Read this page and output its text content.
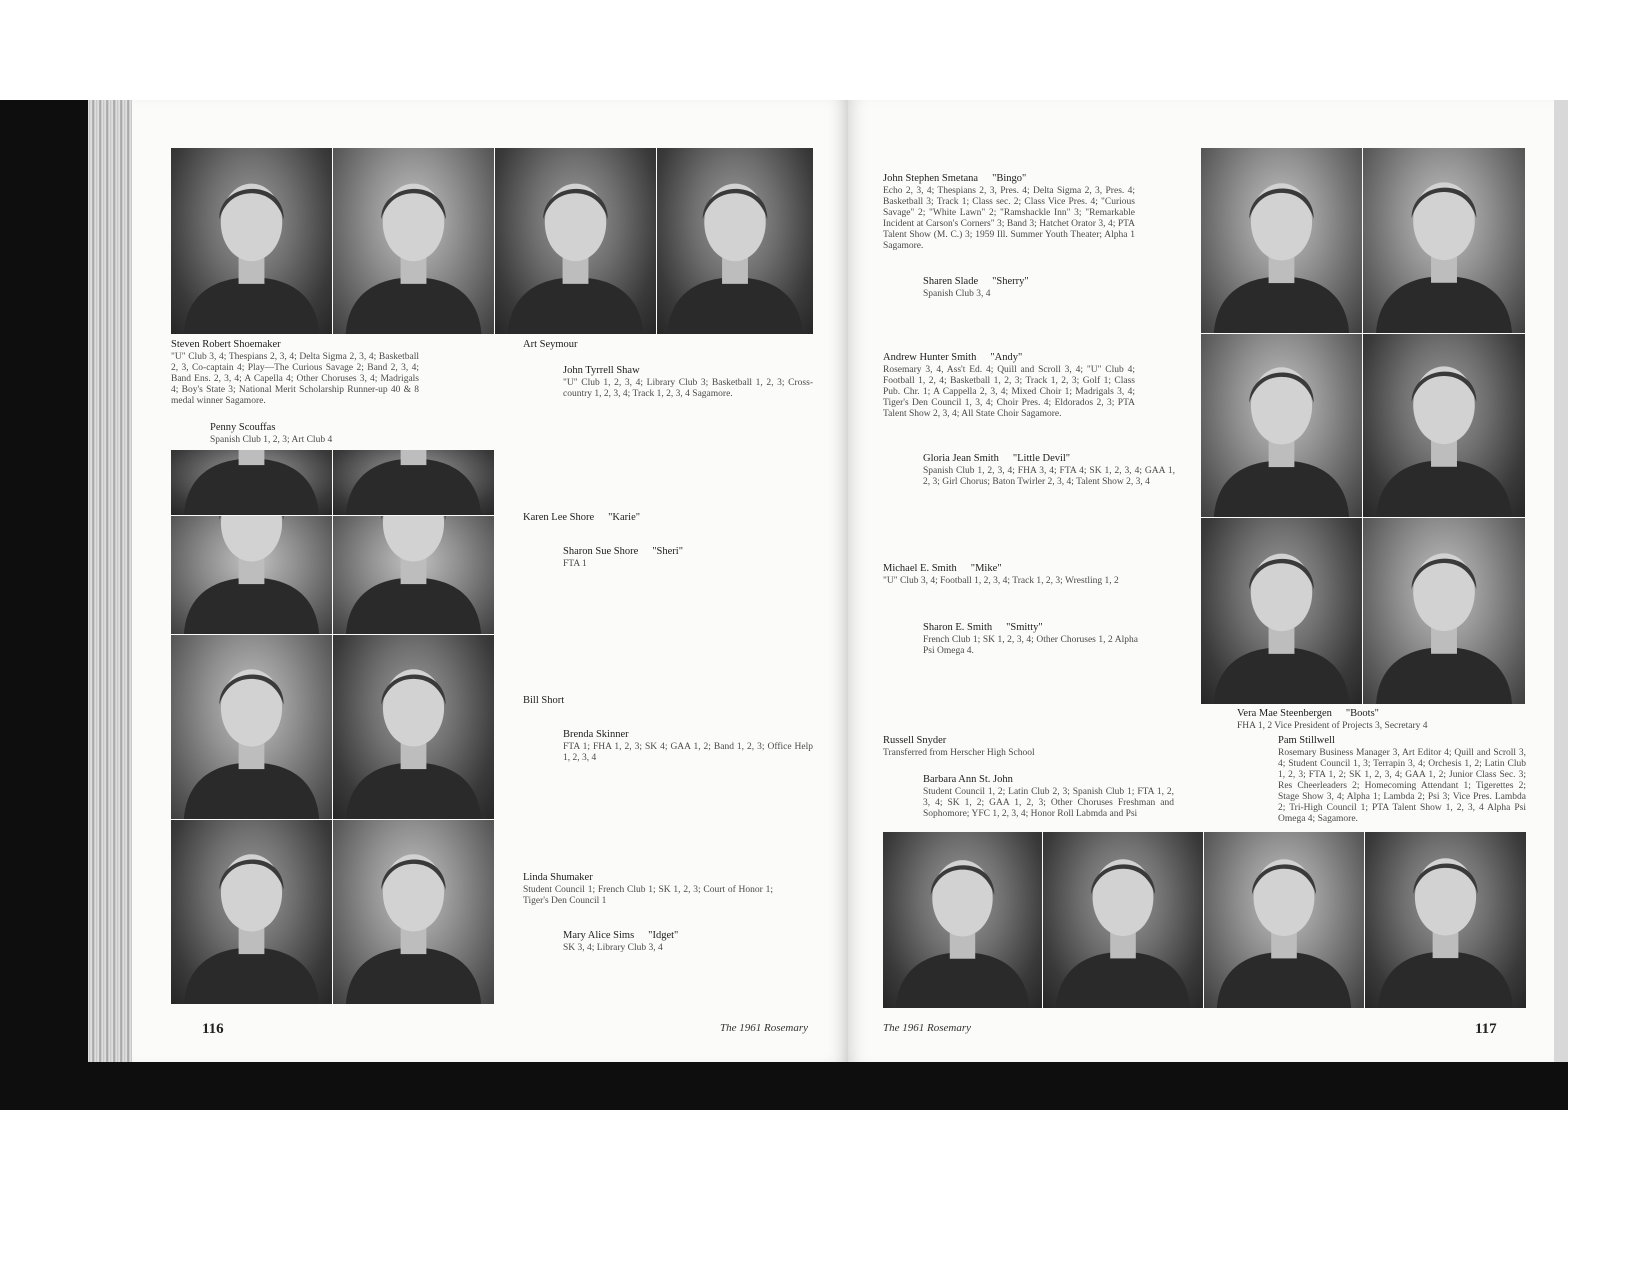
Steven Robert Shoemaker
"U" Club 3, 4; Thespians 2, 3, 4; Delta Sigma 2, 3, 4; Basketball 2, 3, Co-captain 4; Play—The Curious Savage 2; Band 2, 3, 4; Band Ens. 2, 3, 4; A Capella 4; Other Choruses 3, 4; Madrigals 4; Boy's State 3; National Merit Scholarship Runner-up 40 & 8 medal winner Sagamore.
Penny Scouffas
Spanish Club 1, 2, 3; Art Club 4
Art Seymour
John Tyrrell Shaw
"U" Club 1, 2, 3, 4; Library Club 3; Basketball 1, 2, 3; Cross-country 1, 2, 3, 4; Track 1, 2, 3, 4 Sagamore.
Karen Lee Shore "Karie"
Sharon Sue Shore "Sheri"
FTA 1
Bill Short
Brenda Skinner
FTA 1; FHA 1, 2, 3; SK 4; GAA 1, 2; Band 1, 2, 3; Office Help 1, 2, 3, 4
Linda Shumaker
Student Council 1; French Club 1; SK 1, 2, 3; Court of Honor 1; Tiger's Den Council 1
Mary Alice Sims "Idget"
SK 3, 4; Library Club 3, 4
John Stephen Smetana "Bingo"
Echo 2, 3, 4; Thespians 2, 3, Pres. 4; Delta Sigma 2, 3, Pres. 4; Basketball 3; Track 1; Class sec. 2; Class Vice Pres. 4; "Curious Savage" 2; "White Lawn" 2; "Ramshackle Inn" 3; "Remarkable Incident at Carson's Corners" 3; Band 3; Hatchet Orator 3, 4; PTA Talent Show (M. C.) 3; 1959 Ill. Summer Youth Theater; Alpha 1 Sagamore.
Sharen Slade "Sherry"
Spanish Club 3, 4
Andrew Hunter Smith "Andy"
Rosemary 3, 4, Ass't Ed. 4; Quill and Scroll 3, 4; "U" Club 4; Football 1, 2, 4; Basketball 1, 2, 3; Track 1, 2, 3; Golf 1; Class Pub. Chr. 1; A Cappella 2, 3, 4; Mixed Choir 1; Madrigals 3, 4; Tiger's Den Council 1, 3, 4; Choir Pres. 4; Eldorados 2, 3; PTA Talent Show 2, 3, 4; All State Choir Sagamore.
Gloria Jean Smith "Little Devil"
Spanish Club 1, 2, 3, 4; FHA 3, 4; FTA 4; SK 1, 2, 3, 4; GAA 1, 2, 3; Girl Chorus; Baton Twirler 2, 3, 4; Talent Show 2, 3, 4
Michael E. Smith "Mike"
"U" Club 3, 4; Football 1, 2, 3, 4; Track 1, 2, 3; Wrestling 1, 2
Sharon E. Smith "Smitty"
French Club 1; SK 1, 2, 3, 4; Other Choruses 1, 2 Alpha Psi Omega 4.
Vera Mae Steenbergen "Boots"
FHA 1, 2 Vice President of Projects 3, Secretary 4
Russell Snyder
Transferred from Herscher High School
Pam Stillwell
Rosemary Business Manager 3, Art Editor 4; Quill and Scroll 3, 4; Student Council 1, 3; Terrapin 3, 4; Orchesis 1, 2; Latin Club 1, 2, 3; FTA 1, 2; SK 1, 2, 3, 4; GAA 1, 2; Junior Class Sec. 3; Res Cheerleaders 2; Homecoming Attendant 1; Tigerettes 2; Stage Show 3, 4; Alpha 1; Lambda 2; Psi 3; Vice Pres. Lambda 2; Tri-High Council 1; PTA Talent Show 1, 2, 3, 4 Alpha Psi Omega 4; Sagamore.
Barbara Ann St. John
Student Council 1, 2; Latin Club 2, 3; Spanish Club 1; FTA 1, 2, 3, 4; SK 1, 2; GAA 1, 2, 3; Other Choruses Freshman and Sophomore; YFC 1, 2, 3, 4; Honor Roll Labmda and Psi
116	The 1961 Rosemary	The 1961 Rosemary	117
